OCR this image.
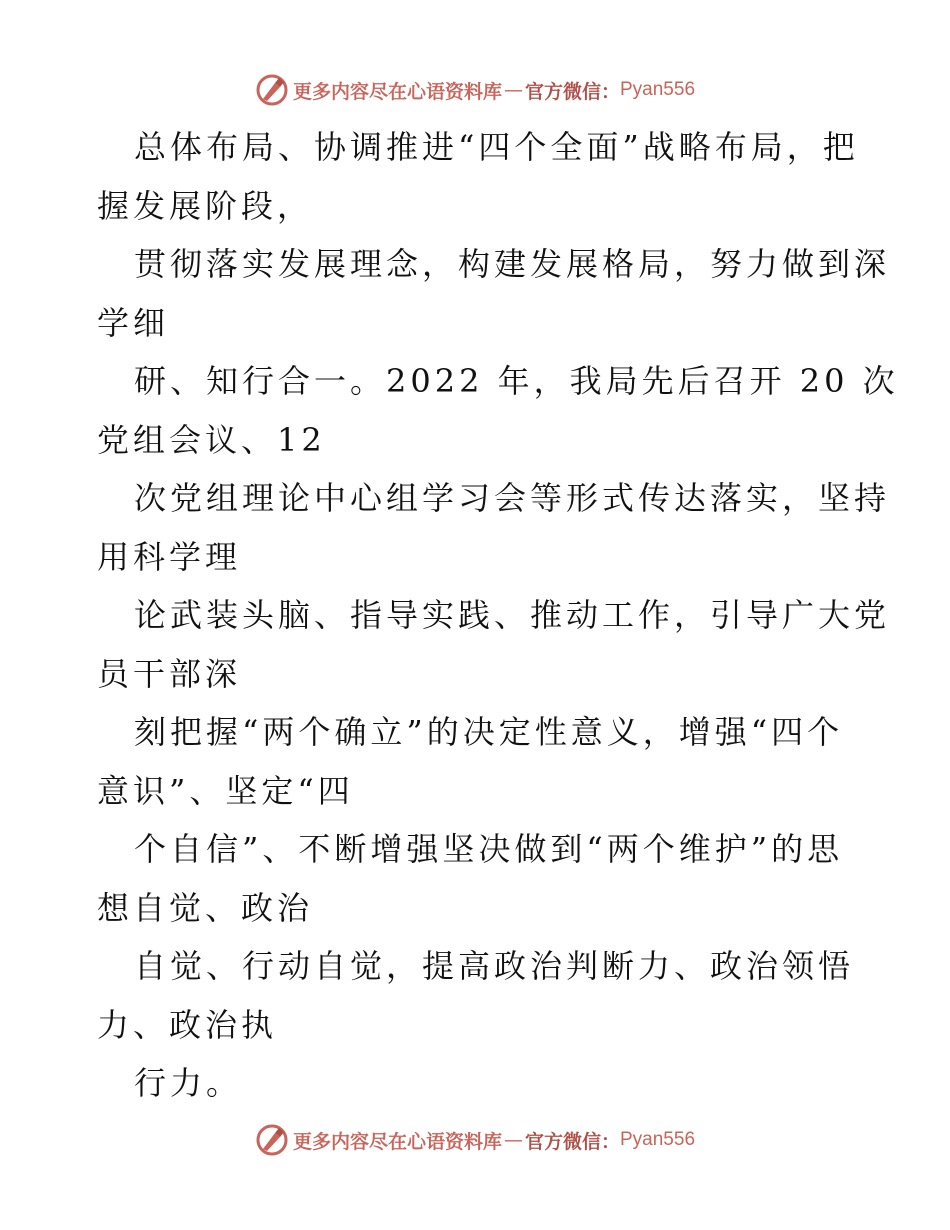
更多内容尽在心语资料库 — 官方微信： Pyan556
总体布局、协调推进“四个全面”战略布局，把
握发展阶段，
贯彻落实发展理念，构建发展格局，努力做到深
学细
研、知行合一。2022 年，我局先后召开 20 次
党组会议、12
次党组理论中心组学习会等形式传达落实，坚持
用科学理
论武装头脑、指导实践、推动工作，引导广大党
员干部深
刻把握“两个确立”的决定性意义，增强“四个
意识”、坚定“四
个自信”、不断增强坚决做到“两个维护”的思
想自觉、政治
自觉、行动自觉，提高政治判断力、政治领悟
力、政治执
行力。
更多内容尽在心语资料库 — 官方微信： Pyan556
